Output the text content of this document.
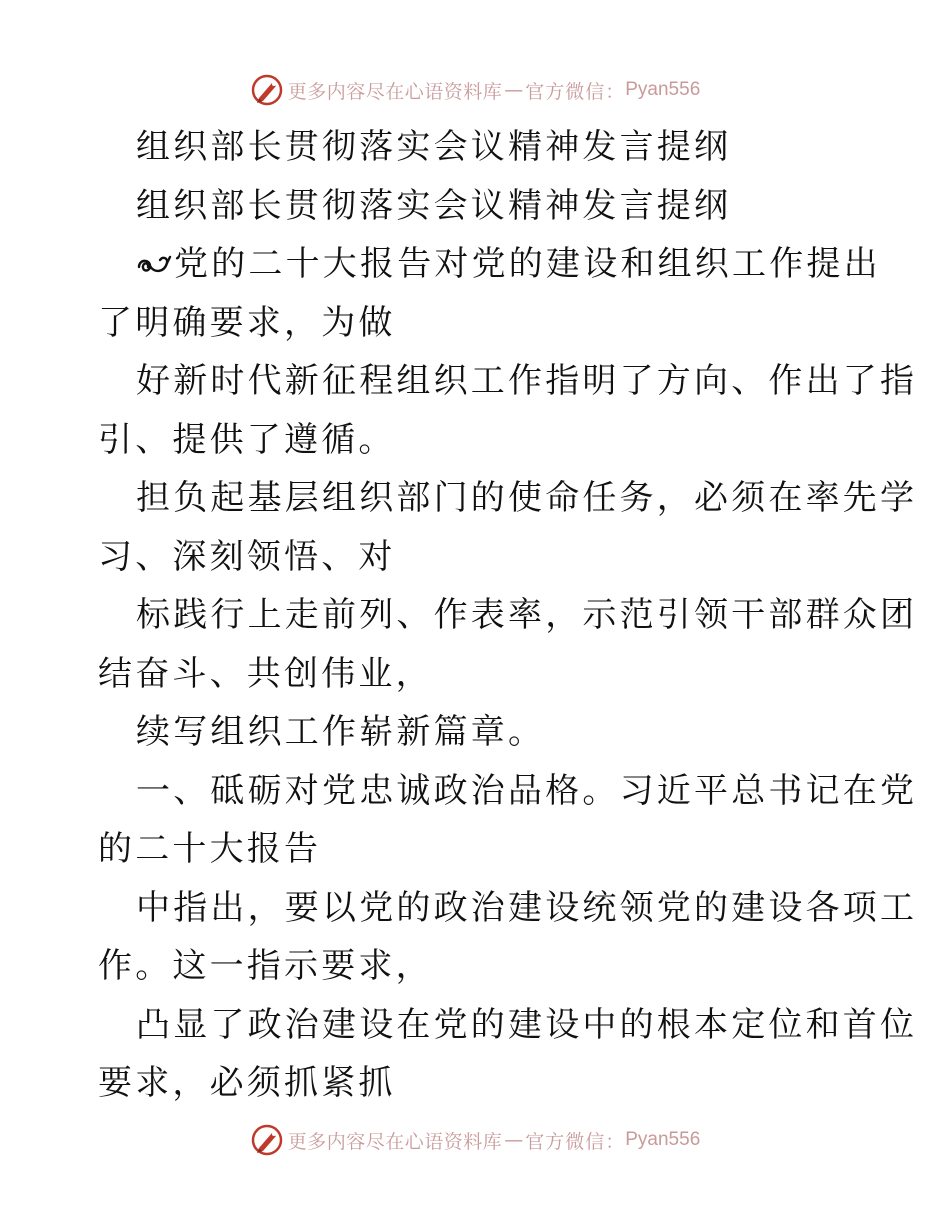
更多内容尽在心语资料库 — 官方微信： Pyan556
组织部长贯彻落实会议精神发言提纲
组织部长贯彻落实会议精神发言提纲
党的二十大报告对党的建设和组织工作提出
了明确要求，为做
好新时代新征程组织工作指明了方向、作出了指
引、提供了遵循。
担负起基层组织部门的使命任务，必须在率先学
习、深刻领悟、对
标践行上走前列、作表率，示范引领干部群众团
结奋斗、共创伟业，
续写组织工作崭新篇章。
一、砥砺对党忠诚政治品格。习近平总书记在党
的二十大报告
中指出，要以党的政治建设统领党的建设各项工
作。这一指示要求，
凸显了政治建设在党的建设中的根本定位和首位
要求，必须抓紧抓
更多内容尽在心语资料库 — 官方微信： Pyan556
